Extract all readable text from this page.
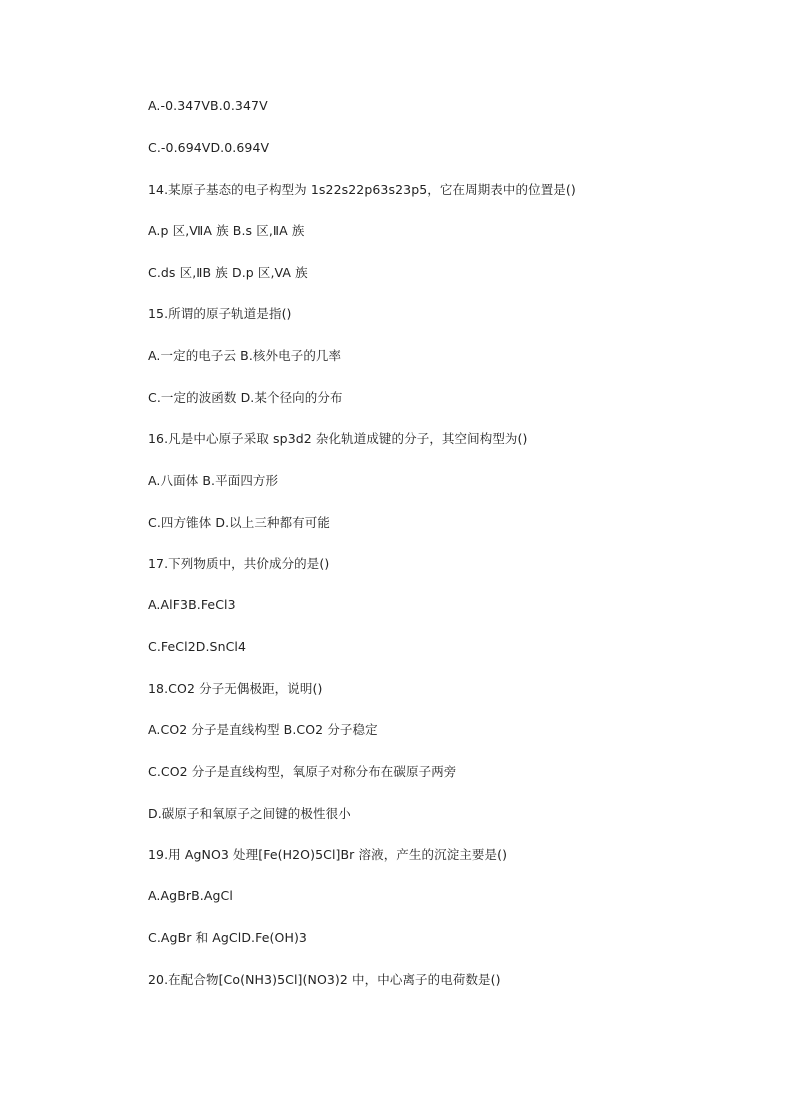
A.-0.347VB.0.347V

C.-0.694VD.0.694V

14.某原子基态的电子构型为 1s22s22p63s23p5，它在周期表中的位置是()

A.p 区,ⅦA 族 B.s 区,ⅡA 族

C.ds 区,ⅡB 族 D.p 区,VA 族

15.所谓的原子轨道是指()

A.一定的电子云 B.核外电子的几率

C.一定的波函数 D.某个径向的分布

16.凡是中心原子采取 sp3d2 杂化轨道成键的分子，其空间构型为()

A.八面体 B.平面四方形

C.四方锥体 D.以上三种都有可能

17.下列物质中，共价成分的是()

A.AlF3B.FeCl3

C.FeCl2D.SnCl4

18.CO2 分子无偶极距，说明()

A.CO2 分子是直线构型 B.CO2 分子稳定

C.CO2 分子是直线构型，氧原子对称分布在碳原子两旁

D.碳原子和氧原子之间键的极性很小

19.用 AgNO3 处理[Fe(H2O)5Cl]Br 溶液，产生的沉淀主要是()

A.AgBrB.AgCl

C.AgBr 和 AgClD.Fe(OH)3

20.在配合物[Co(NH3)5Cl](NO3)2 中，中心离子的电荷数是()
